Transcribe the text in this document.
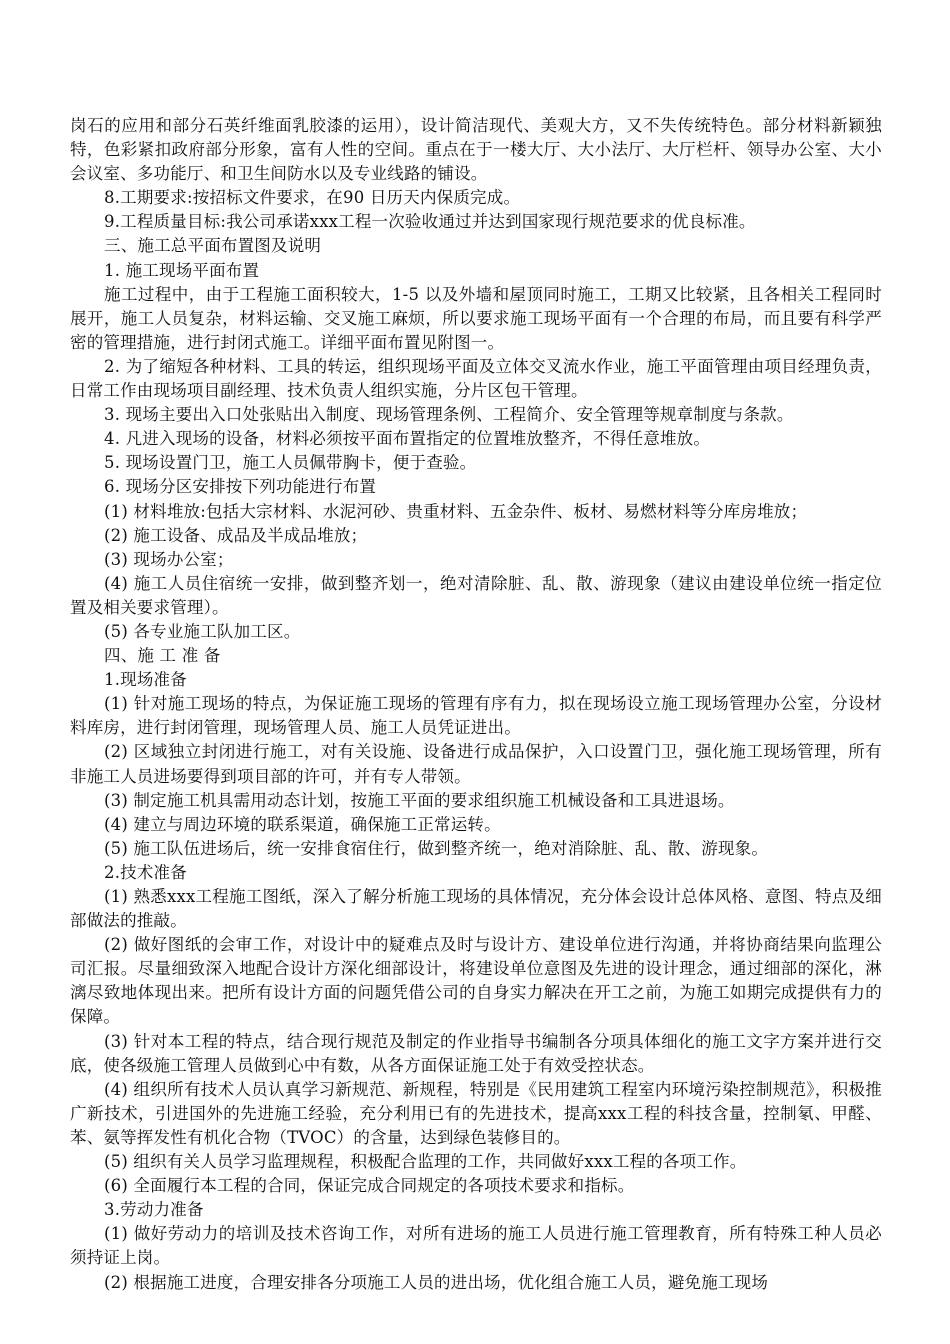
岗石的应用和部分石英纤维面乳胶漆的运用），设计简洁现代、美观大方，又不失传统特色。部分材料新颖独特，色彩紧扣政府部分形象，富有人性的空间。重点在于一楼大厅、大小法厅、大厅栏杆、领导办公室、大小会议室、多功能厅、和卫生间防水以及专业线路的铺设。

8.工期要求:按招标文件要求，在90 日历天内保质完成。

9.工程质量目标:我公司承诺xxx工程一次验收通过并达到国家现行规范要求的优良标准。

三、施工总平面布置图及说明

1. 施工现场平面布置

施工过程中，由于工程施工面积较大，1-5 以及外墙和屋顶同时施工，工期又比较紧，且各相关工程同时展开，施工人员复杂，材料运输、交叉施工麻烦，所以要求施工现场平面有一个合理的布局，而且要有科学严密的管理措施，进行封闭式施工。详细平面布置见附图一。

2. 为了缩短各种材料、工具的转运，组织现场平面及立体交叉流水作业，施工平面管理由项目经理负责，日常工作由现场项目副经理、技术负责人组织实施，分片区包干管理。

3. 现场主要出入口处张贴出入制度、现场管理条例、工程简介、安全管理等规章制度与条款。

4. 凡进入现场的设备，材料必须按平面布置指定的位置堆放整齐，不得任意堆放。

5. 现场设置门卫，施工人员佩带胸卡，便于查验。

6. 现场分区安排按下列功能进行布置

(1) 材料堆放:包括大宗材料、水泥河砂、贵重材料、五金杂件、板材、易燃材料等分库房堆放；

(2) 施工设备、成品及半成品堆放；

(3) 现场办公室；

(4) 施工人员住宿统一安排，做到整齐划一，绝对清除脏、乱、散、游现象（建议由建设单位统一指定位置及相关要求管理）。

(5) 各专业施工队加工区。

四、施 工 准 备

1.现场准备

(1) 针对施工现场的特点，为保证施工现场的管理有序有力，拟在现场设立施工现场管理办公室，分设材料库房，进行封闭管理，现场管理人员、施工人员凭证进出。

(2) 区域独立封闭进行施工，对有关设施、设备进行成品保护，入口设置门卫，强化施工现场管理，所有非施工人员进场要得到项目部的许可，并有专人带领。

(3) 制定施工机具需用动态计划，按施工平面的要求组织施工机械设备和工具进退场。

(4) 建立与周边环境的联系渠道，确保施工正常运转。

(5) 施工队伍进场后，统一安排食宿住行，做到整齐统一，绝对消除脏、乱、散、游现象。

2.技术准备

(1) 熟悉xxx工程施工图纸，深入了解分析施工现场的具体情况，充分体会设计总体风格、意图、特点及细部做法的推敲。

(2) 做好图纸的会审工作，对设计中的疑难点及时与设计方、建设单位进行沟通，并将协商结果向监理公司汇报。尽量细致深入地配合设计方深化细部设计，将建设单位意图及先进的设计理念，通过细部的深化，淋漓尽致地体现出来。把所有设计方面的问题凭借公司的自身实力解决在开工之前，为施工如期完成提供有力的保障。

(3) 针对本工程的特点，结合现行规范及制定的作业指导书编制各分项具体细化的施工文字方案并进行交底，使各级施工管理人员做到心中有数，从各方面保证施工处于有效受控状态。

(4) 组织所有技术人员认真学习新规范、新规程，特别是《民用建筑工程室内环境污染控制规范》，积极推广新技术，引进国外的先进施工经验，充分利用已有的先进技术，提高xxx工程的科技含量，控制氡、甲醛、苯、氨等挥发性有机化合物（TVOC）的含量，达到绿色装修目的。

(5) 组织有关人员学习监理规程，积极配合监理的工作，共同做好xxx工程的各项工作。

(6) 全面履行本工程的合同，保证完成合同规定的各项技术要求和指标。

3.劳动力准备

(1) 做好劳动力的培训及技术咨询工作，对所有进场的施工人员进行施工管理教育，所有特殊工种人员必须持证上岗。

(2) 根据施工进度，合理安排各分项施工人员的进出场，优化组合施工人员，避免施工现场
